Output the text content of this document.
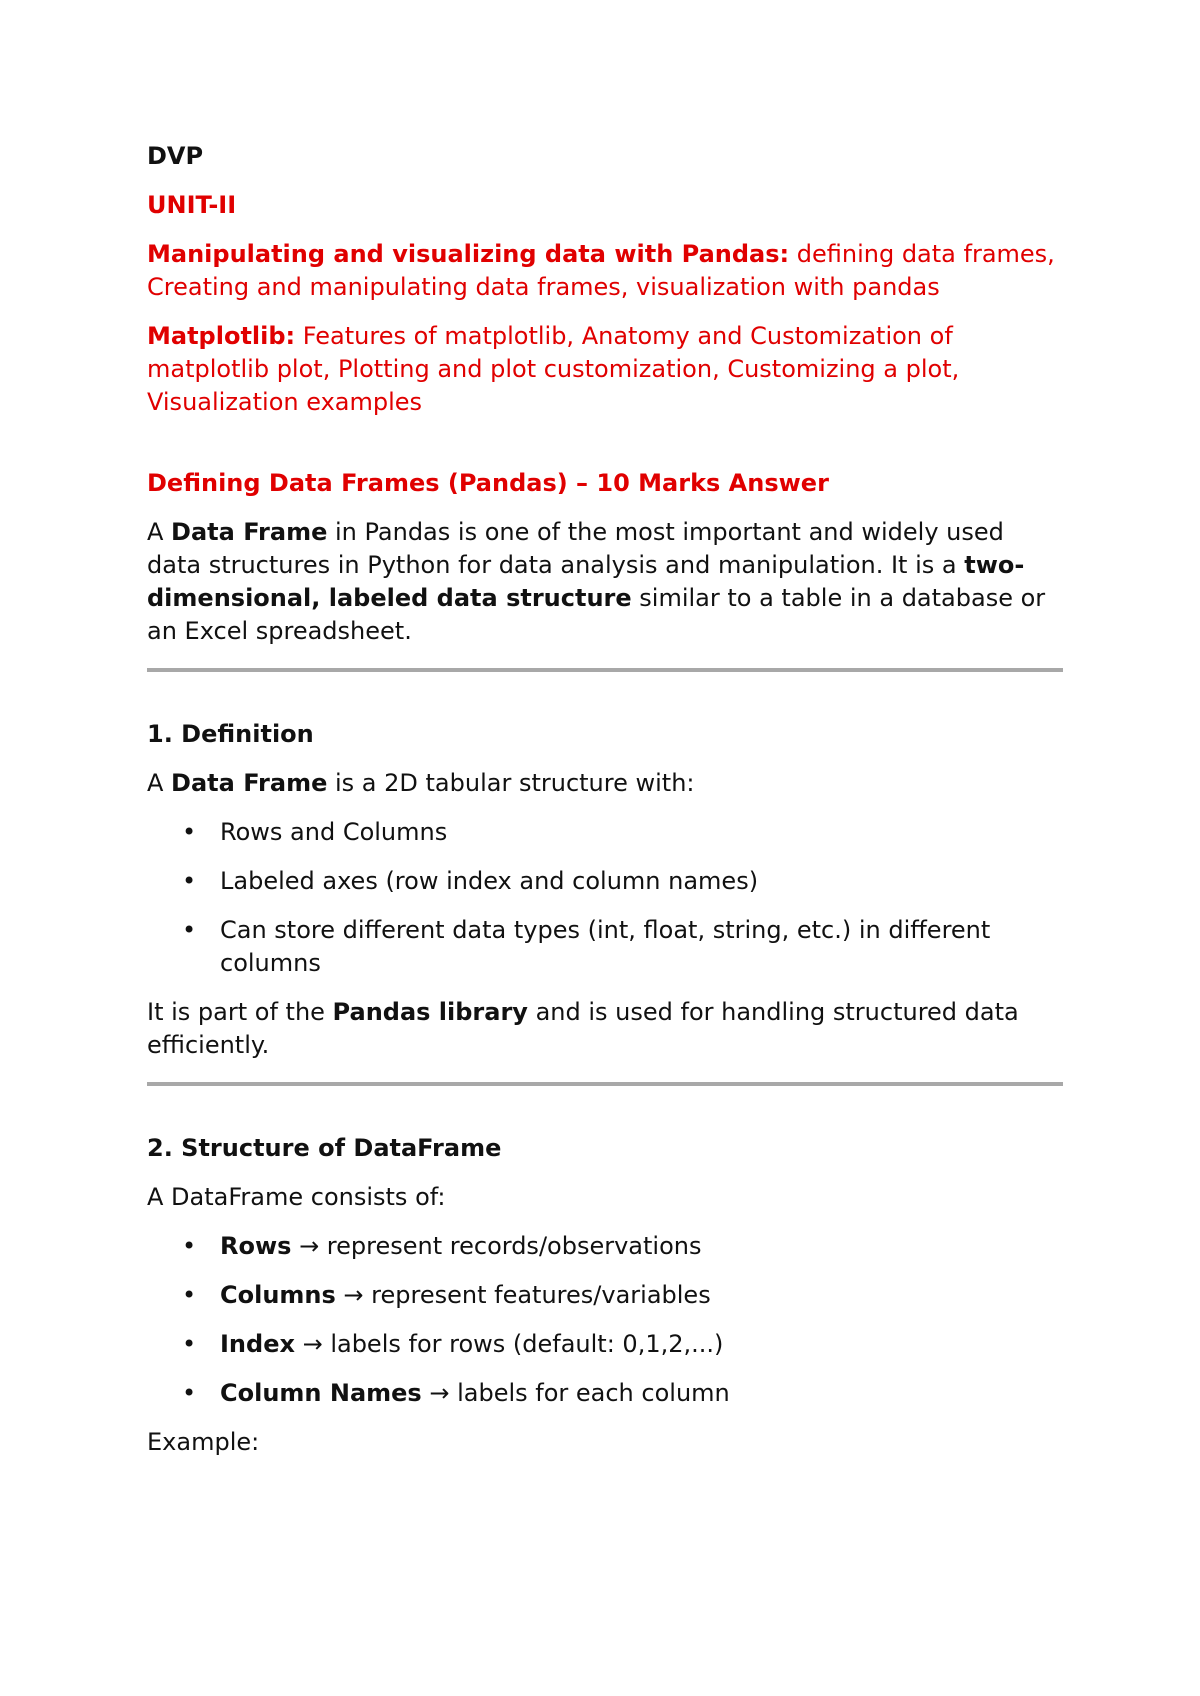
DVP

UNIT-II

Manipulating and visualizing data with Pandas: defining data frames, Creating and manipulating data frames, visualization with pandas

Matplotlib: Features of matplotlib, Anatomy and Customization of matplotlib plot, Plotting and plot customization, Customizing a plot, Visualization examples

Defining Data Frames (Pandas) – 10 Marks Answer

A Data Frame in Pandas is one of the most important and widely used data structures in Python for data analysis and manipulation. It is a two-dimensional, labeled data structure similar to a table in a database or an Excel spreadsheet.

1. Definition

A Data Frame is a 2D tabular structure with:

• Rows and Columns
• Labeled axes (row index and column names)
• Can store different data types (int, float, string, etc.) in different columns

It is part of the Pandas library and is used for handling structured data efficiently.

2. Structure of DataFrame

A DataFrame consists of:

• Rows → represent records/observations
• Columns → represent features/variables
• Index → labels for rows (default: 0,1,2,...)
• Column Names → labels for each column

Example:
